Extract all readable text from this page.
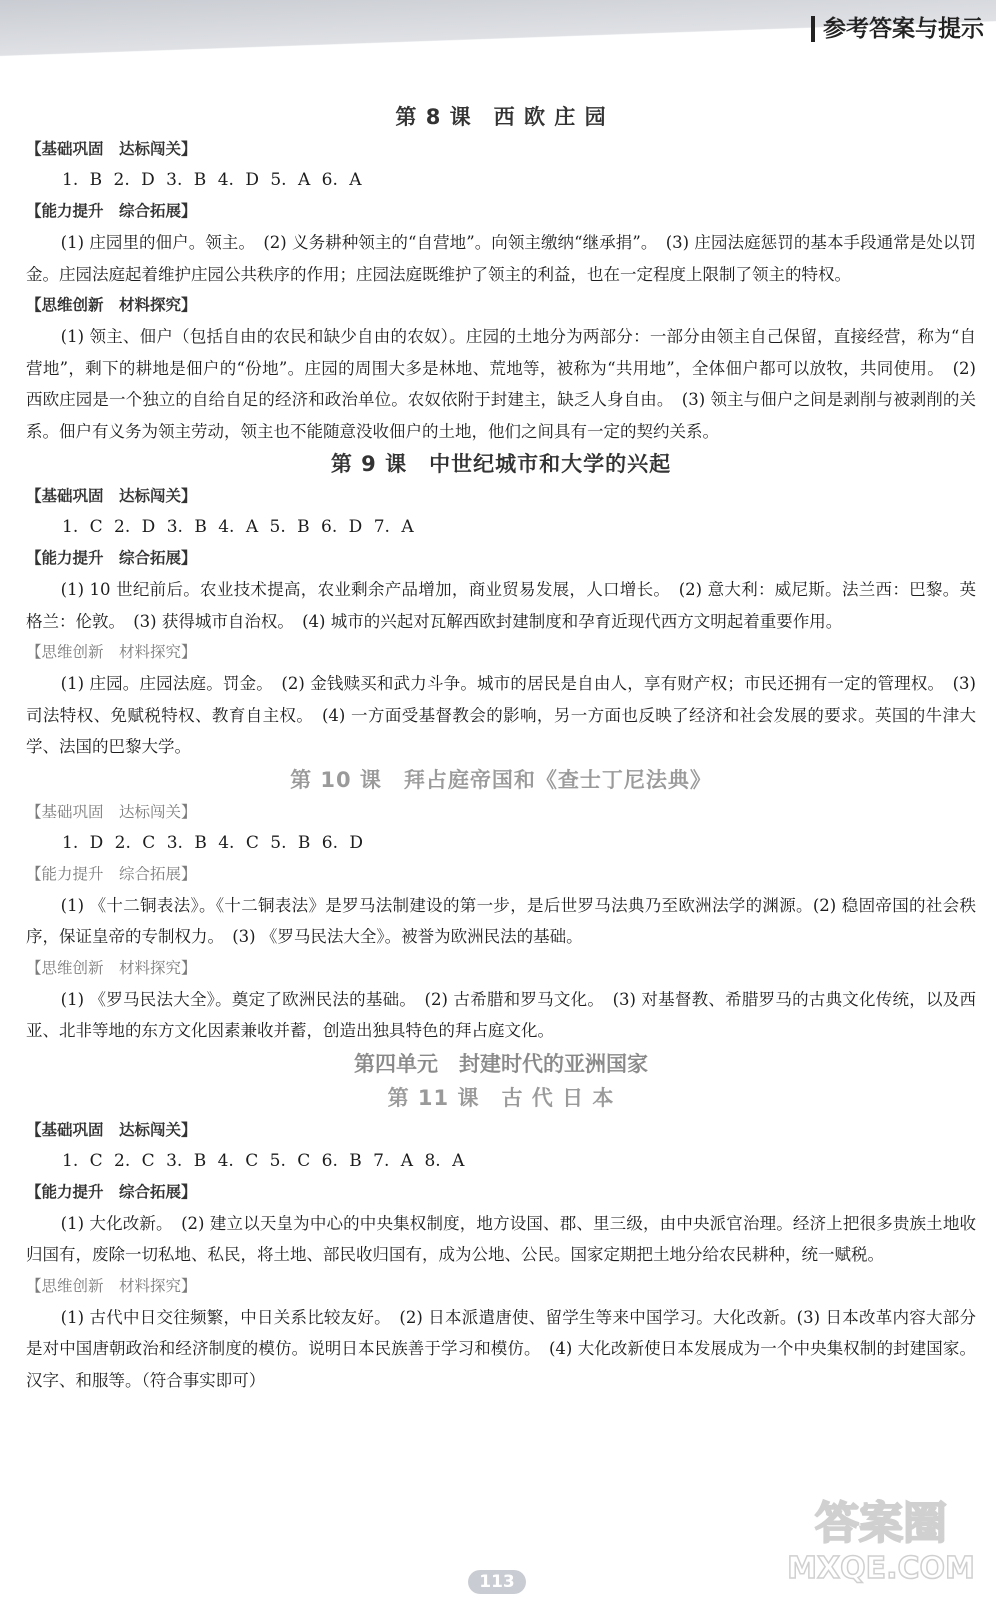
参考答案与提示
第 8 课　西 欧 庄 园

【基础巩固　达标闯关】

1. B 2. D 3. B 4. D 5. A 6. A

【能力提升　综合拓展】

(1) 庄园里的佃户。领主。　(2) 义务耕种领主的“自营地”。向领主缴纳“继承捐”。　(3) 庄园法庭惩罚的基本手段通常是处以罚金。庄园法庭起着维护庄园公共秩序的作用；庄园法庭既维护了领主的利益，也在一定程度上限制了领主的特权。

【思维创新　材料探究】

(1) 领主、佃户（包括自由的农民和缺少自由的农奴）。庄园的土地分为两部分：一部分由领主自己保留，直接经营，称为“自营地”，剩下的耕地是佃户的“份地”。庄园的周围大多是林地、荒地等，被称为“共用地”，全体佃户都可以放牧，共同使用。　(2) 西欧庄园是一个独立的自给自足的经济和政治单位。农奴依附于封建主，缺乏人身自由。　(3) 领主与佃户之间是剥削与被剥削的关系。佃户有义务为领主劳动，领主也不能随意没收佃户的土地，他们之间具有一定的契约关系。

第 9 课　中世纪城市和大学的兴起

【基础巩固　达标闯关】

1. C 2. D 3. B 4. A 5. B 6. D 7. A

【能力提升　综合拓展】

(1) 10 世纪前后。农业技术提高，农业剩余产品增加，商业贸易发展，人口增长。　(2) 意大利：威尼斯。法兰西：巴黎。英格兰：伦敦。　(3) 获得城市自治权。　(4) 城市的兴起对瓦解西欧封建制度和孕育近现代西方文明起着重要作用。

【思维创新　材料探究】

(1) 庄园。庄园法庭。罚金。　(2) 金钱赎买和武力斗争。城市的居民是自由人，享有财产权；市民还拥有一定的管理权。　(3) 司法特权、免赋税特权、教育自主权。　(4) 一方面受基督教会的影响，另一方面也反映了经济和社会发展的要求。英国的牛津大学、法国的巴黎大学。

第 10 课　拜占庭帝国和《查士丁尼法典》

【基础巩固　达标闯关】

1. D 2. C 3. B 4. C 5. B 6. D

【能力提升　综合拓展】

(1) 《十二铜表法》。《十二铜表法》是罗马法制建设的第一步，是后世罗马法典乃至欧洲法学的渊源。(2) 稳固帝国的社会秩序，保证皇帝的专制权力。　(3) 《罗马民法大全》。被誉为欧洲民法的基础。

【思维创新　材料探究】

(1) 《罗马民法大全》。奠定了欧洲民法的基础。　(2) 古希腊和罗马文化。　(3) 对基督教、希腊罗马的古典文化传统，以及西亚、北非等地的东方文化因素兼收并蓄，创造出独具特色的拜占庭文化。

第四单元　封建时代的亚洲国家
第 11 课　古 代 日 本

【基础巩固　达标闯关】

1. C 2. C 3. B 4. C 5. C 6. B 7. A 8. A

【能力提升　综合拓展】

(1) 大化改新。　(2) 建立以天皇为中心的中央集权制度，地方设国、郡、里三级，由中央派官治理。经济上把很多贵族土地收归国有，废除一切私地、私民，将土地、部民收归国有，成为公地、公民。国家定期把土地分给农民耕种，统一赋税。

【思维创新　材料探究】

(1) 古代中日交往频繁，中日关系比较友好。　(2) 日本派遣唐使、留学生等来中国学习。大化改新。(3) 日本改革内容大部分是对中国唐朝政治和经济制度的模仿。说明日本民族善于学习和模仿。　(4) 大化改新使日本发展成为一个中央集权制的封建国家。汉字、和服等。（符合事实即可）

113
答案圈
MXQE.COM
